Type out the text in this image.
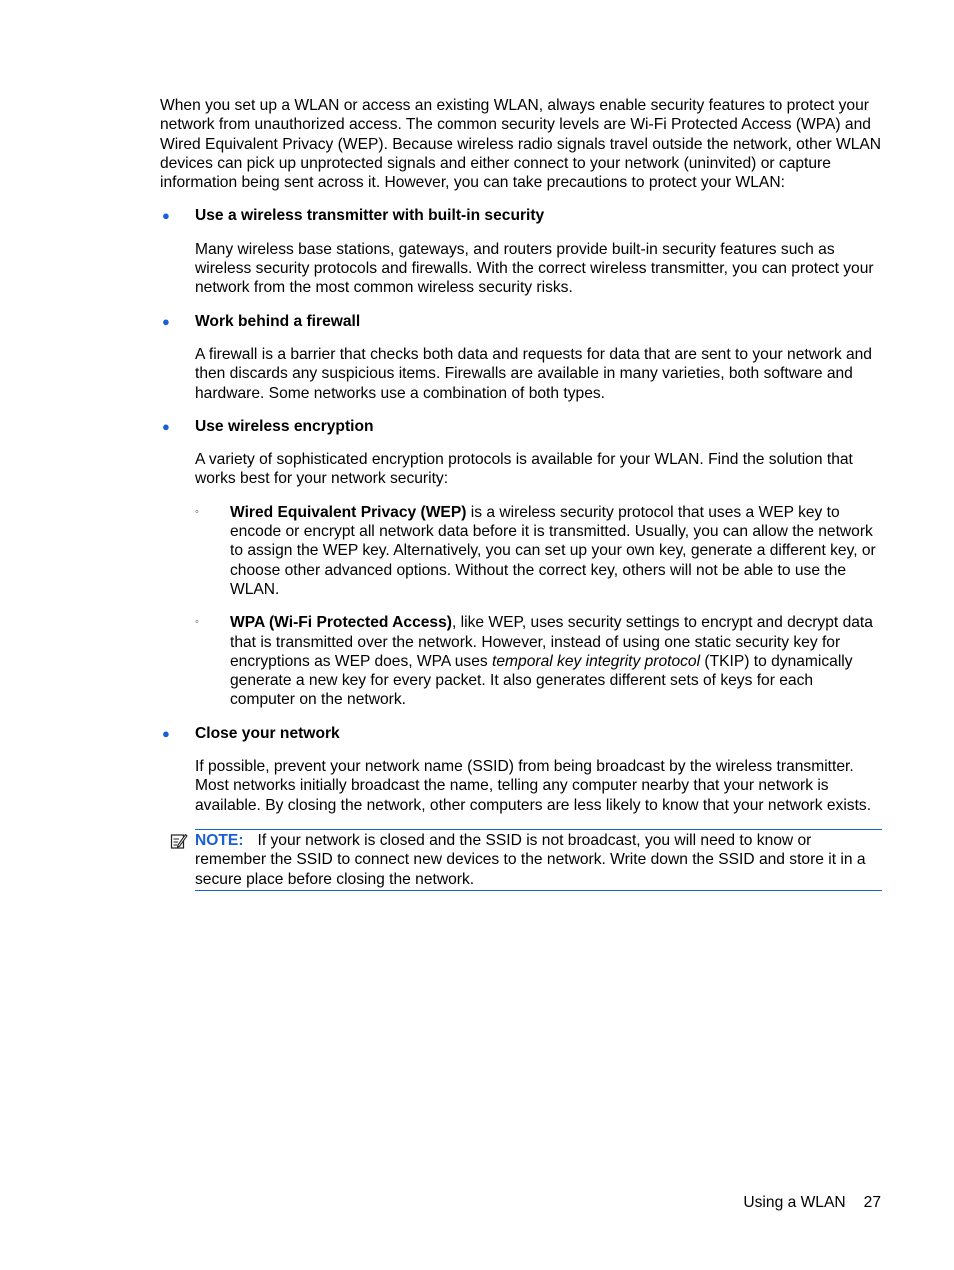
When you set up a WLAN or access an existing WLAN, always enable security features to protect your network from unauthorized access. The common security levels are Wi-Fi Protected Access (WPA) and Wired Equivalent Privacy (WEP). Because wireless radio signals travel outside the network, other WLAN devices can pick up unprotected signals and either connect to your network (uninvited) or capture information being sent across it. However, you can take precautions to protect your WLAN:

● Use a wireless transmitter with built-in security

Many wireless base stations, gateways, and routers provide built-in security features such as wireless security protocols and firewalls. With the correct wireless transmitter, you can protect your network from the most common wireless security risks.

● Work behind a firewall

A firewall is a barrier that checks both data and requests for data that are sent to your network and then discards any suspicious items. Firewalls are available in many varieties, both software and hardware. Some networks use a combination of both types.

● Use wireless encryption

A variety of sophisticated encryption protocols is available for your WLAN. Find the solution that works best for your network security:

◦ Wired Equivalent Privacy (WEP) is a wireless security protocol that uses a WEP key to encode or encrypt all network data before it is transmitted. Usually, you can allow the network to assign the WEP key. Alternatively, you can set up your own key, generate a different key, or choose other advanced options. Without the correct key, others will not be able to use the WLAN.

◦ WPA (Wi-Fi Protected Access), like WEP, uses security settings to encrypt and decrypt data that is transmitted over the network. However, instead of using one static security key for encryptions as WEP does, WPA uses temporal key integrity protocol (TKIP) to dynamically generate a new key for every packet. It also generates different sets of keys for each computer on the network.

● Close your network

If possible, prevent your network name (SSID) from being broadcast by the wireless transmitter. Most networks initially broadcast the name, telling any computer nearby that your network is available. By closing the network, other computers are less likely to know that your network exists.

NOTE: If your network is closed and the SSID is not broadcast, you will need to know or remember the SSID to connect new devices to the network. Write down the SSID and store it in a secure place before closing the network.

Using a WLAN 27
